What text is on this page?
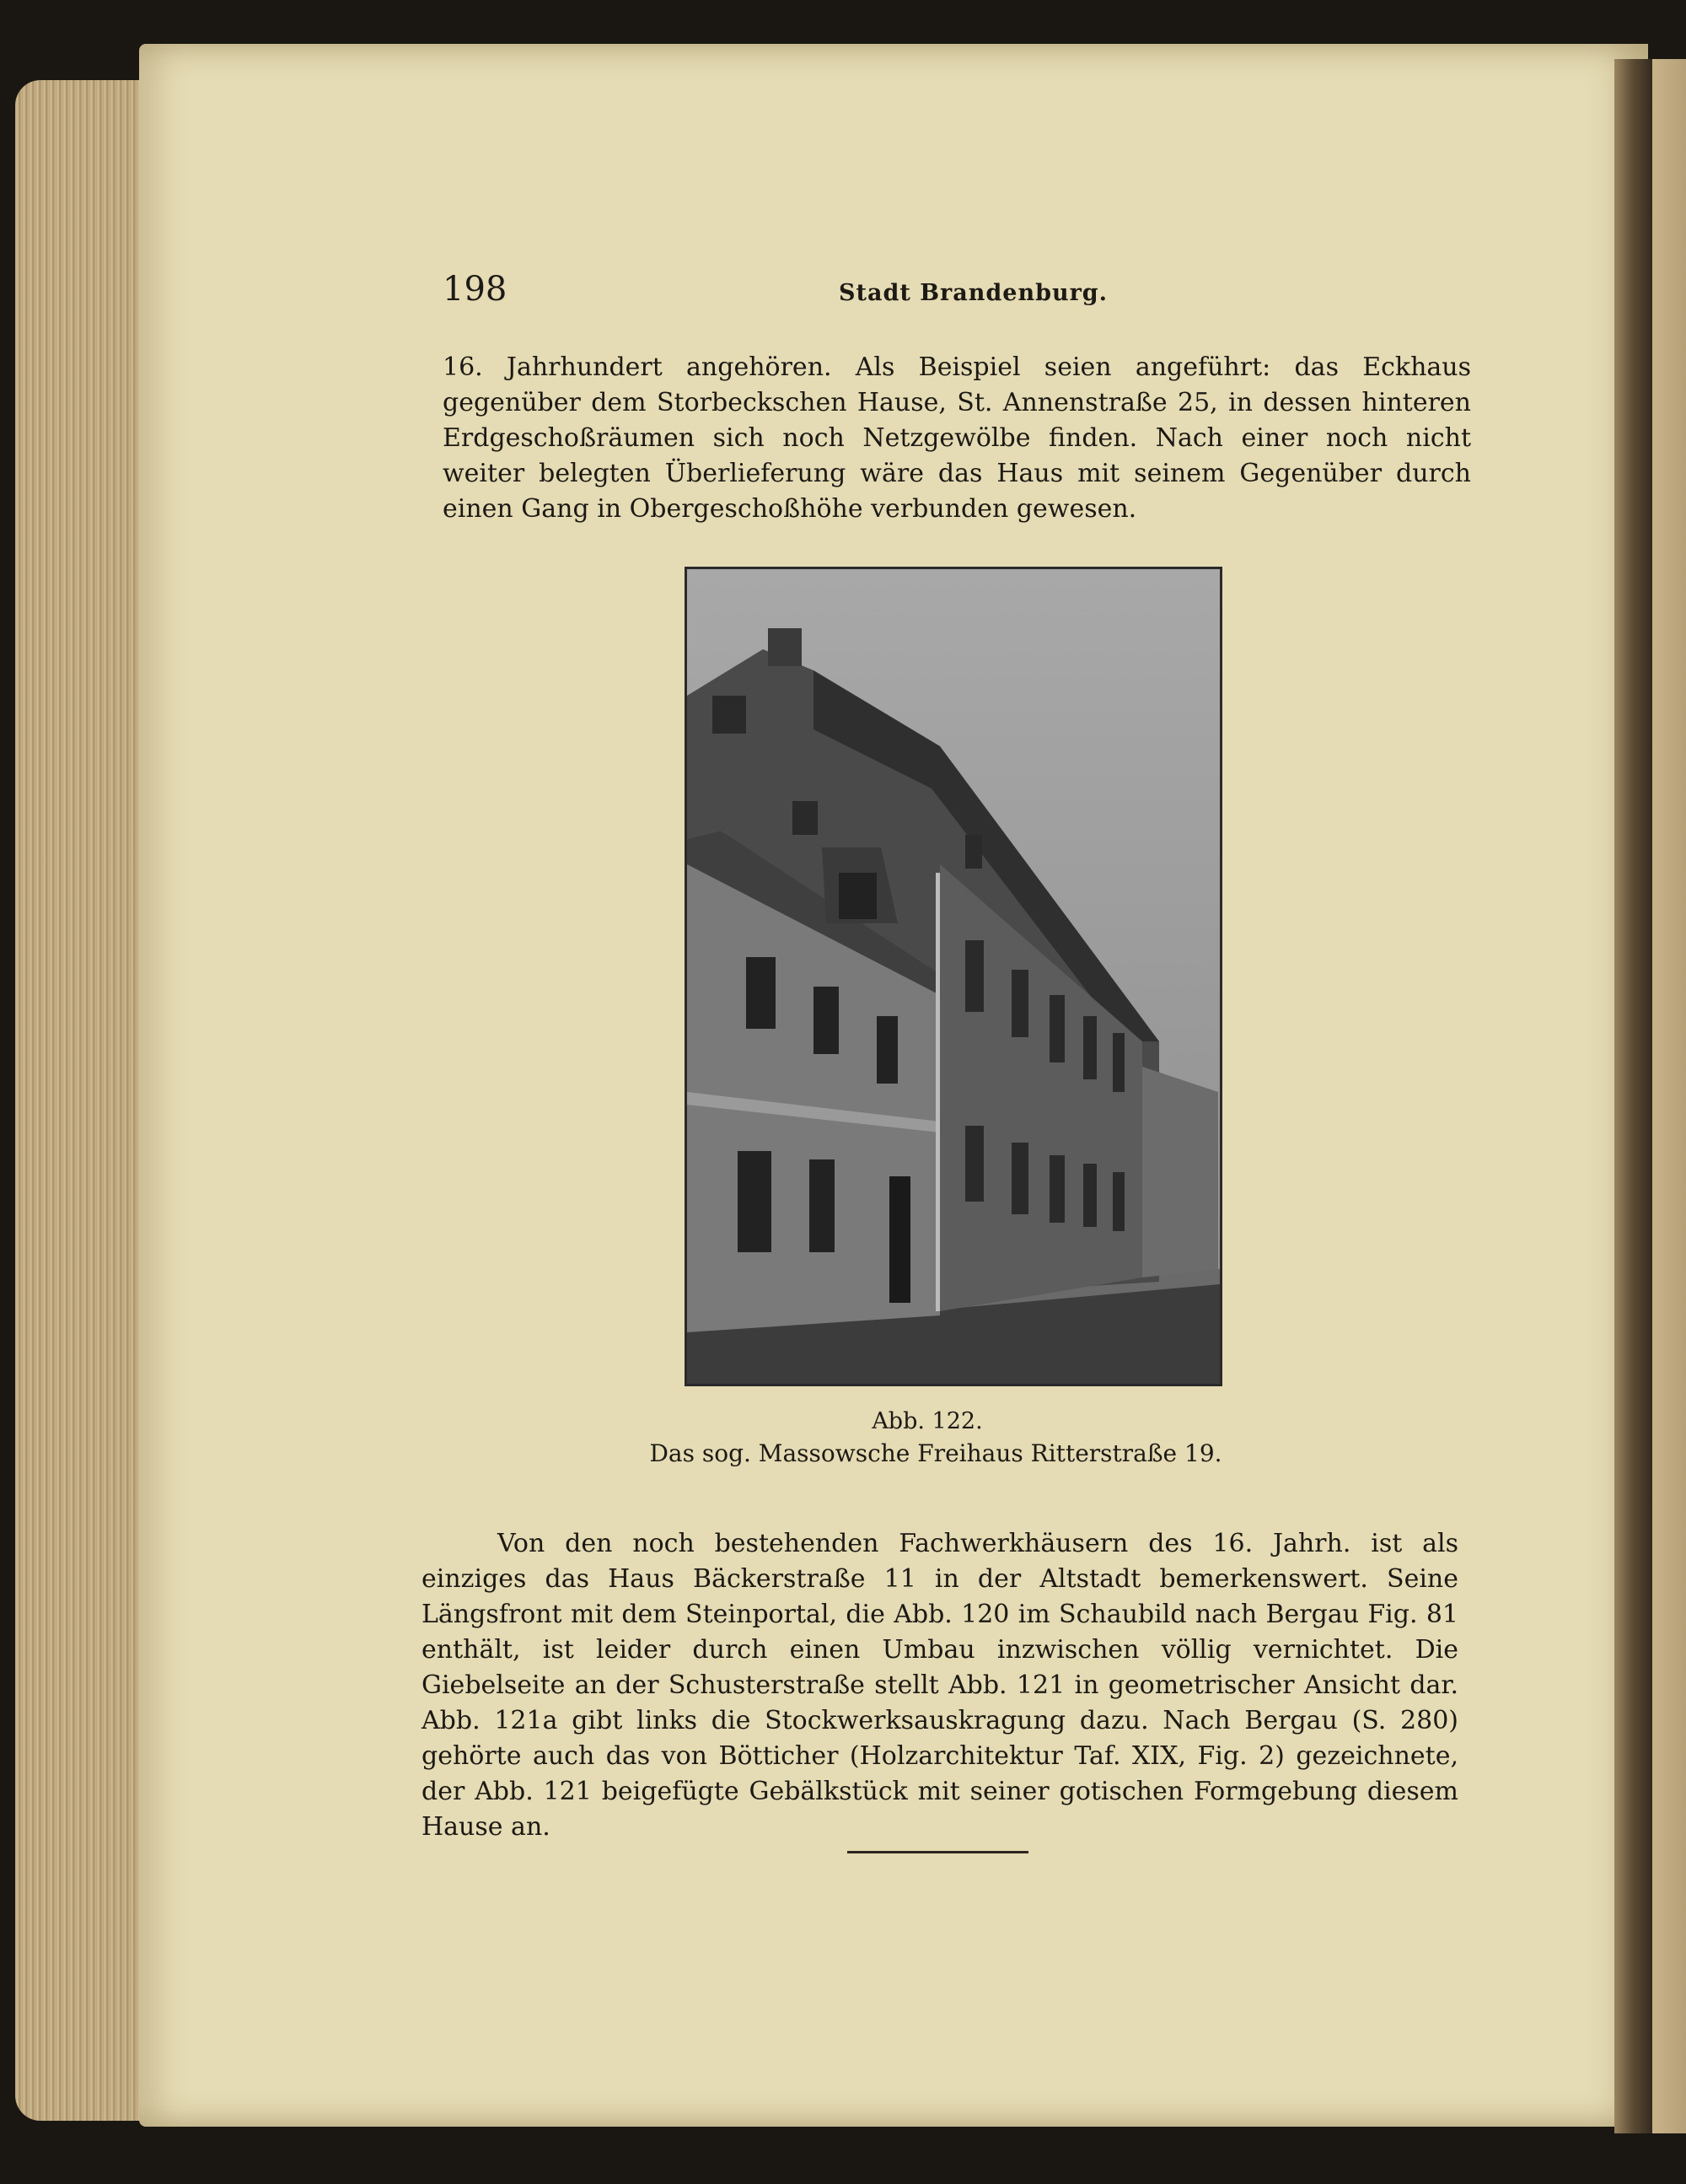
198	Stadt Brandenburg.

16. Jahrhundert angehören. Als Beispiel seien angeführt: das Eckhaus gegenüber dem Storbeckschen Hause, St. Annenstraße 25, in dessen hinteren Erdgeschoßräumen sich noch Netzgewölbe finden. Nach einer noch nicht weiter belegten Überlieferung wäre das Haus mit seinem Gegenüber durch einen Gang in Obergeschoßhöhe verbunden gewesen.

Abb. 122.
Das sog. Massowsche Freihaus Ritterstraße 19.

Von den noch bestehenden Fachwerkhäusern des 16. Jahrh. ist als einziges das Haus Bäckerstraße 11 in der Altstadt bemerkenswert. Seine Längsfront mit dem Steinportal, die Abb. 120 im Schaubild nach Bergau Fig. 81 enthält, ist leider durch einen Umbau inzwischen völlig vernichtet. Die Giebelseite an der Schusterstraße stellt Abb. 121 in geometrischer Ansicht dar. Abb. 121a gibt links die Stockwerksauskragung dazu. Nach Bergau (S. 280) gehörte auch das von Bötticher (Holzarchitektur Taf. XIX, Fig. 2) gezeichnete, der Abb. 121 beigefügte Gebälkstück mit seiner gotischen Formgebung diesem Hause an.
